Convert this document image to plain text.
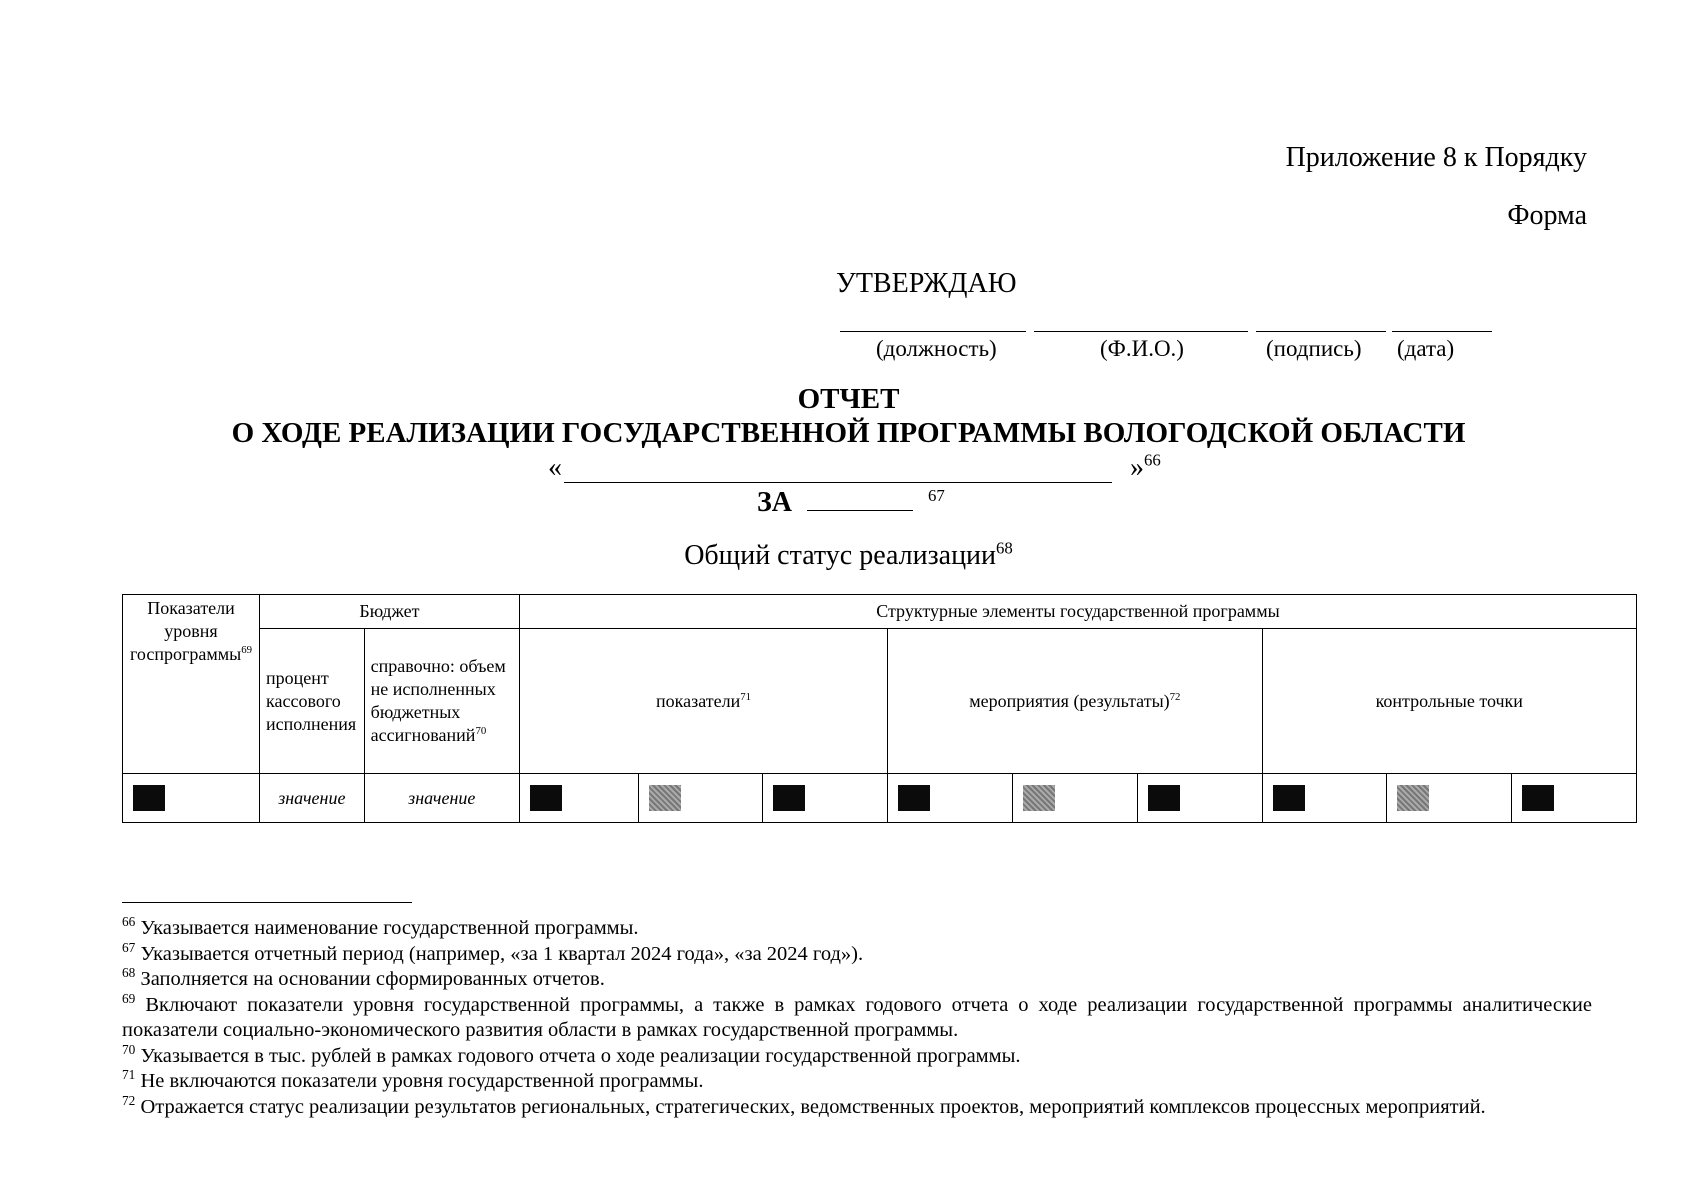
Приложение 8 к Порядку
Форма
УТВЕРЖДАЮ
(должность)	(Ф.И.О.)	(подпись) (дата)
ОТЧЕТ
О ХОДЕ РЕАЛИЗАЦИИ ГОСУДАРСТВЕННОЙ ПРОГРАММЫ ВОЛОГОДСКОЙ ОБЛАСТИ
«	»$^{66}$
ЗА	$^{67}$
Общий статус реализации$^{68}$
Показатели уровня госпрограммы$^{69}$	Бюджет		Структурные элементы государственной программы								
	процент кассового исполнения	справочно: объем не исполненных бюджетных ассигнований$^{70}$	показатели$^{71}$			мероприятия (результаты)$^{72}$			контрольные точки		
	значение	значение									

$^{66}$ Указывается наименование государственной программы.

$^{67}$ Указывается отчетный период (например, «за 1 квартал 2024 года», «за 2024 год»).

$^{68}$ Заполняется на основании сформированных отчетов.

$^{69}$ Включают показатели уровня государственной программы, а также в рамках годового отчета о ходе реализации государственной программы аналитические показатели социально-экономического развития области в рамках государственной программы.

$^{70}$ Указывается в тыс. рублей в рамках годового отчета о ходе реализации государственной программы.

$^{71}$ Не включаются показатели уровня государственной программы.

$^{72}$ Отражается статус реализации результатов региональных, стратегических, ведомственных проектов, мероприятий комплексов процессных мероприятий.
